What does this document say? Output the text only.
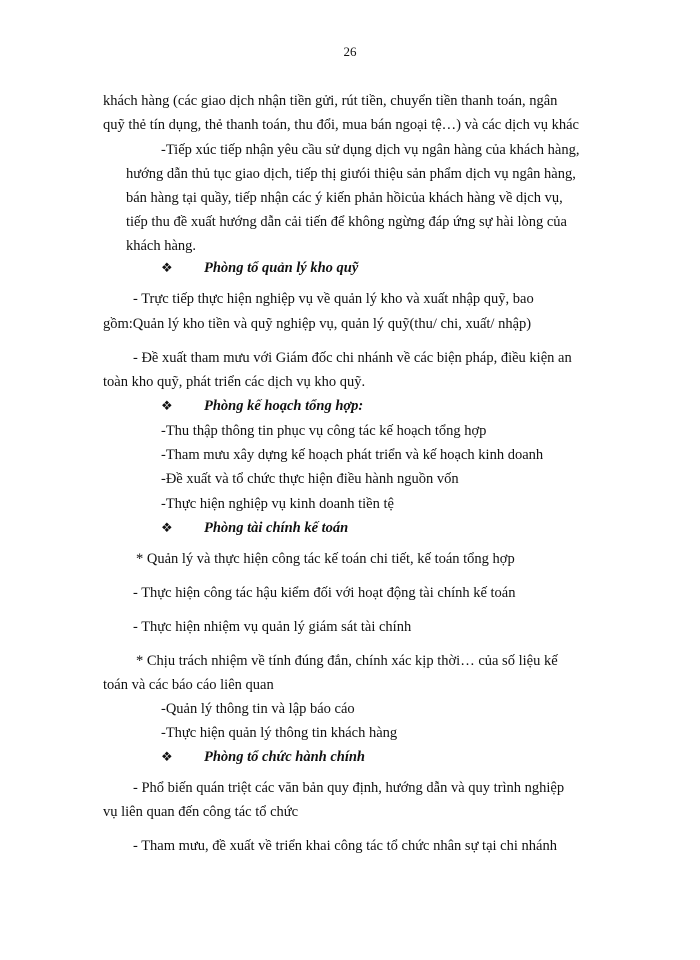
26
khách hàng (các giao dịch nhận tiền gửi, rút tiền, chuyển tiền thanh toán, ngân
quỹ thẻ tín dụng, thẻ thanh toán, thu đổi, mua bán ngoại tệ…) và các dịch vụ khác
-Tiếp xúc tiếp nhận yêu cầu sử dụng dịch vụ ngân hàng của khách hàng,
hướng dẫn thủ tục giao dịch, tiếp thị giưói thiệu sản phẩm dịch vụ ngân hàng,
bán hàng tại quầy, tiếp nhận các ý kiến phản hồicủa khách hàng về dịch vụ,
tiếp thu đề xuất hướng dẫn cải tiến để không ngừng đáp ứng sự hài lòng của
khách hàng.
❖ Phòng tổ quản lý kho quỹ
- Trực tiếp thực hiện nghiệp vụ về quản lý kho và xuất nhập quỹ, bao
gồm:Quản lý kho tiền và quỹ nghiệp vụ, quản lý quỹ(thu/ chi, xuất/ nhập)
- Đề xuất tham mưu với Giám đốc chi nhánh về các biện pháp, điều kiện an
toàn kho quỹ, phát triển các dịch vụ kho quỹ.
❖ Phòng kế hoạch tổng hợp:
-Thu thập thông tin phục vụ công tác kế hoạch tổng hợp
-Tham mưu xây dựng kế hoạch phát triển và kế hoạch kinh doanh
-Đề xuất và tổ chức thực hiện điều hành nguồn vốn
-Thực hiện nghiệp vụ kinh doanh tiền tệ
❖ Phòng tài chính kế toán
* Quản lý và thực hiện công tác kế toán chi tiết, kế toán tổng hợp
- Thực hiện công tác hậu kiểm đối với hoạt động tài chính kế toán
- Thực hiện nhiệm vụ quản lý giám sát tài chính
* Chịu trách nhiệm về tính đúng đắn, chính xác kịp thời… của số liệu kế
toán và các báo cáo liên quan
-Quản lý thông tin và lập báo cáo
-Thực hiện quản lý thông tin khách hàng
❖ Phòng tổ chức hành chính
- Phổ biến quán triệt các văn bản quy định, hướng dẫn và quy trình nghiệp
vụ liên quan đến công tác tổ chức
- Tham mưu, đề xuất về triển khai công tác tổ chức nhân sự tại chi nhánh
